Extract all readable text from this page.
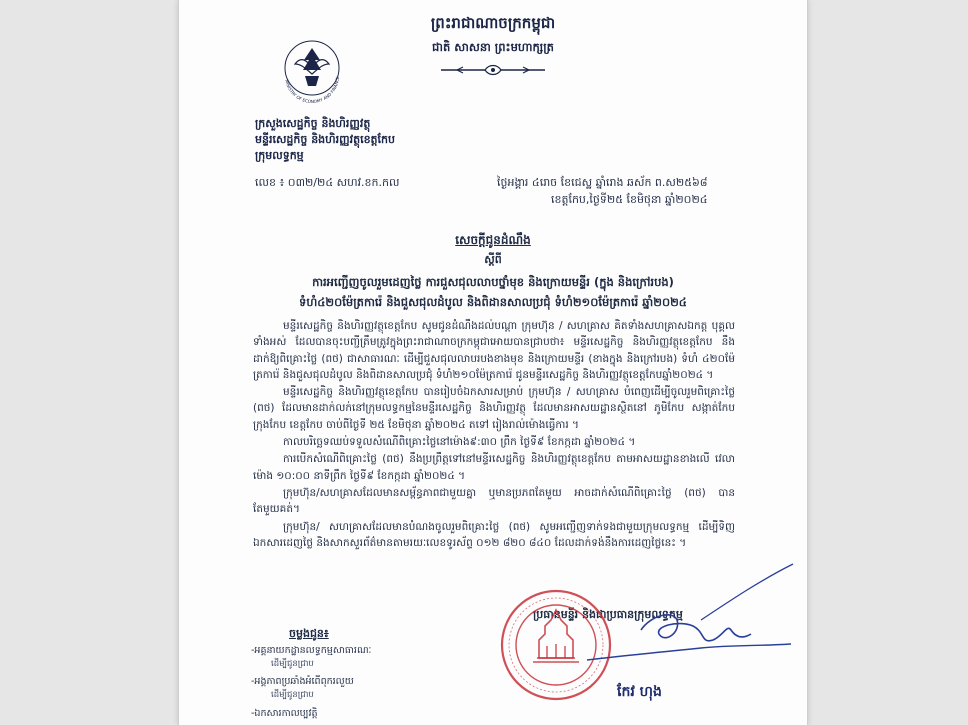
ព្រះរាជាណាចក្រកម្ពុជា
ជាតិ សាសនា ព្រះមហាក្សត្រ
MINISTRY OF ECONOMY AND FINANCE
ក្រសួងសេដ្ឋកិច្ច និងហិរញ្ញវត្ថុ
មន្ទីរសេដ្ឋកិច្ច និងហិរញ្ញវត្ថុខេត្តកែប
ក្រុមលទ្ធកម្ម
លេខ ៖ ០៣២/២៤ សហវ.ខក.កល	ថ្ងៃអង្គារ ៤រោច ខែជេស្ឋ ឆ្នាំរោង ឆស័ក ព.ស២៥៦៨
ខេត្តកែប,ថ្ងៃទី២៥ ខែមិថុនា ឆ្នាំ២០២៤
សេចក្តីជូនដំណឹង
ស្តីពី
ការអញ្ជើញចូលរួមដេញថ្លៃ ការជួសជុលលាបថ្នាំមុខ និងក្រោយមន្ទីរ (ក្នុង និងក្រៅរបង)
ទំហំ៤២០ម៉ែត្រការ៉េ និងជួសជុលដំបូល និងពិដានសាលប្រជុំ ទំហំ២១០ម៉ែត្រការ៉េ ឆ្នាំ២០២៤

មន្ទីរសេដ្ឋកិច្ច និងហិរញ្ញវត្ថុខេត្តកែប សូមជូនដំណឹងដល់បណ្តា ក្រុមហ៊ុន / សហគ្រាស គិតទាំងសហគ្រាសឯកត្ត បុគ្គលទាំងអស់ ដែលបានចុះបញ្ជីត្រឹមត្រូវក្នុងព្រះរាជាណាចក្រកម្ពុជាអោយបានជ្រាបថា៖ មន្ទីរសេដ្ឋកិច្ច និងហិរញ្ញវត្ថុខេត្តកែប នឹងដាក់ឱ្យពិគ្រោះថ្លៃ (ពថ) ជាសាធារណៈ ដើម្បីជួសជុលលាបរបងខាងមុខ និងក្រោយមន្ទីរ (ខាងក្នុង និងក្រៅរបង) ទំហំ ៤២០ម៉ែត្រការ៉េ និងជួសជុលដំបូល និងពិដានសាលប្រជុំ ទំហំ២១០ម៉ែត្រការ៉េ ជូនមន្ទីរសេដ្ឋកិច្ច និងហិរញ្ញវត្ថុខេត្តកែបឆ្នាំ២០២៤ ។

មន្ទីរសេដ្ឋកិច្ច និងហិរញ្ញវត្ថុខេត្តកែប បានរៀបចំឯកសារសម្រាប់ ក្រុមហ៊ុន / សហគ្រាស បំពេញដើម្បីចូលរួមពិគ្រោះថ្លៃ (ពថ) ដែលមានដាក់លក់នៅក្រុមលទ្ធកម្មនៃមន្ទីរសេដ្ឋកិច្ច និងហិរញ្ញវត្ថុ ដែលមានអាសយដ្ឋានស្ថិតនៅ ភូមិកែប សង្កាត់កែប ក្រុងកែប ខេត្តកែប ចាប់ពីថ្ងៃទី ២៥ ខែមិថុនា ឆ្នាំ២០២៤ តទៅ រៀងរាល់ម៉ោងធ្វើការ ។

កាលបរិច្ឆេទឈប់ទទួលសំណើពិគ្រោះថ្លៃនៅម៉ោង៩:៣០ ព្រឹក ថ្ងៃទី៩ ខែកក្កដា ឆ្នាំ២០២៤ ។

ការបើកសំណើពិគ្រោះថ្លៃ (ពថ) នឹងប្រព្រឹត្តទៅនៅមន្ទីរសេដ្ឋកិច្ច និងហិរញ្ញវត្ថុខេត្តកែប តាមអាសយដ្ឋានខាងលើ វេលាម៉ោង ១០:០០ នាទីព្រឹក ថ្ងៃទី៩ ខែកក្កដា ឆ្នាំ២០២៤ ។

ក្រុមហ៊ុន/សហគ្រាសដែលមានសម្ព័ន្ធភាពជាមួយគ្នា ឬមានប្រភពតែមួយ អាចដាក់សំណើពិគ្រោះថ្លៃ (ពថ) បានតែមួយគត់។

ក្រុមហ៊ុន/ សហគ្រាសដែលមានបំណងចូលរួមពិគ្រោះថ្លៃ (ពថ) សូមអញ្ជើញទាក់ទងជាមួយក្រុមលទ្ធកម្ម ដើម្បីទិញឯកសារដេញថ្លៃ និងសាកសួរព័ត៌មានតាមរយៈលេខទូរស័ព្ទ ០១២ ៨២០ ៨៤០ ដែលដាក់ទង់នឹងការដេញថ្លៃនេះ ។

ប្រធានមន្ទីរ និងជាប្រធានក្រុមលទ្ធកម្ម
កែវ ហុង
ចម្លងជូន៖
-អគ្គនាយកដ្ឋានលទ្ធកម្មសាធារណៈ
ដើម្បីជូនជ្រាប
-អង្គភាពប្រឆាំងអំពើពុករលួយ
ដើម្បីជូនជ្រាប
-ឯកសារកាលប្បវត្តិ
